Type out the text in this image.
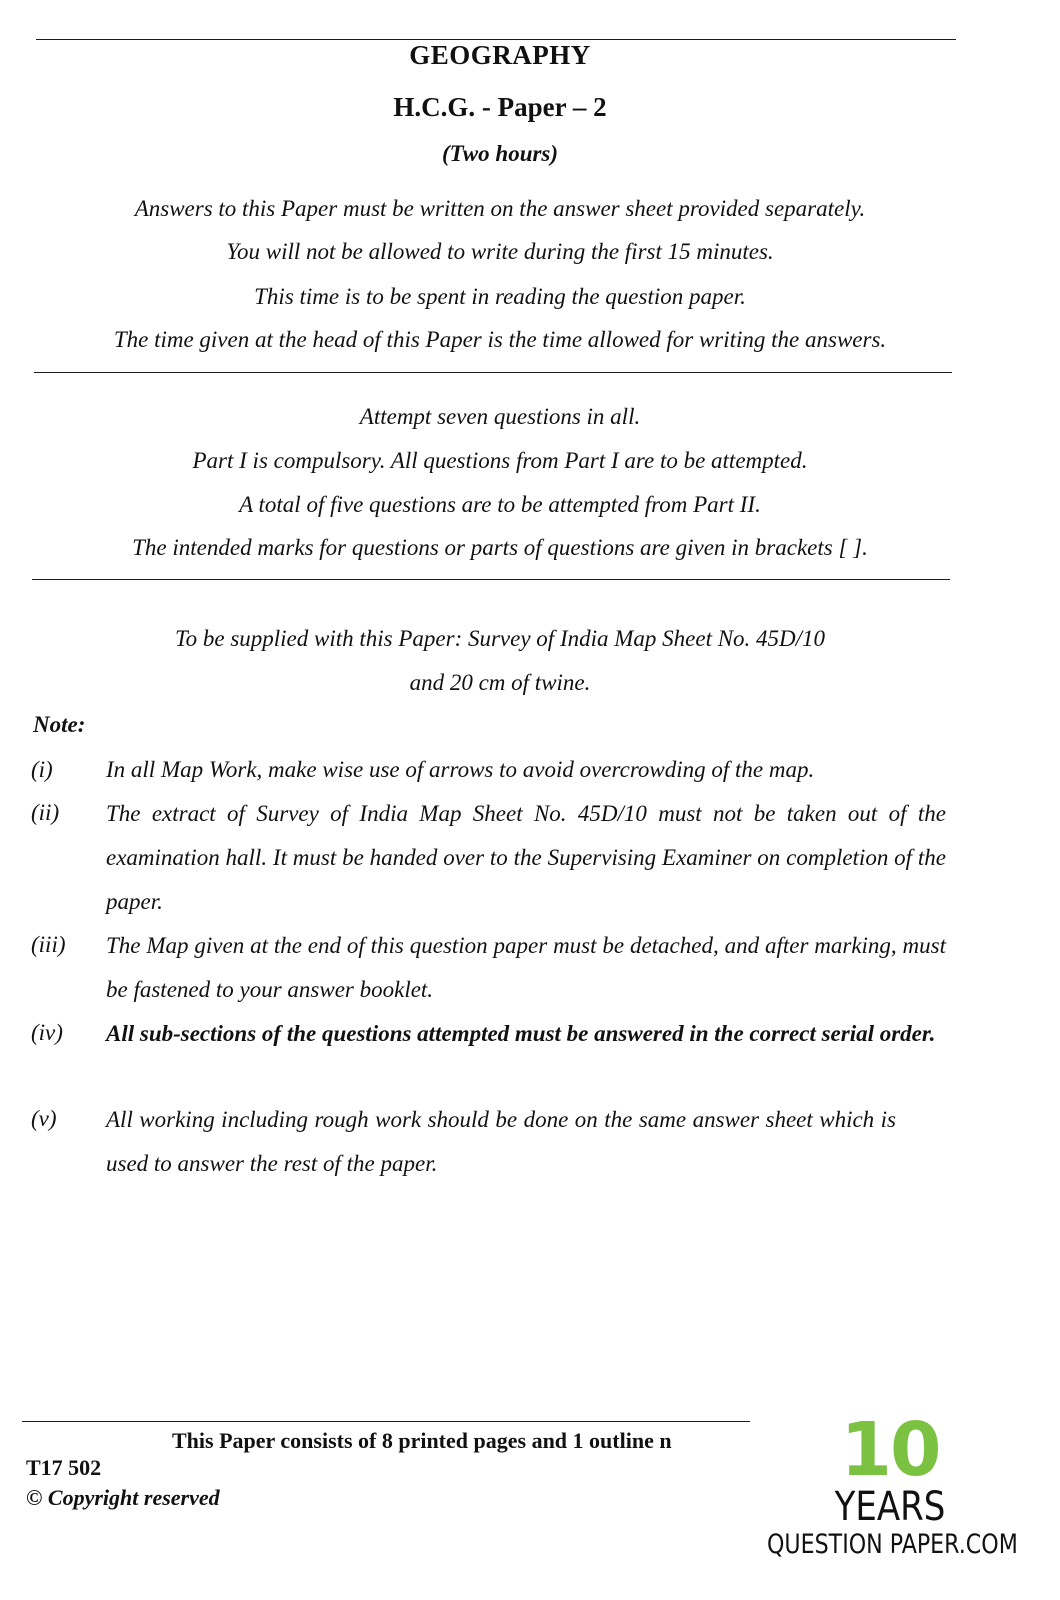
GEOGRAPHY
H.C.G. - Paper – 2
(Two hours)
Answers to this Paper must be written on the answer sheet provided separately.
You will not be allowed to write during the first 15 minutes.
This time is to be spent in reading the question paper.
The time given at the head of this Paper is the time allowed for writing the answers.
Attempt seven questions in all.
Part I is compulsory. All questions from Part I are to be attempted.
A total of five questions are to be attempted from Part II.
The intended marks for questions or parts of questions are given in brackets [ ].
To be supplied with this Paper: Survey of India Map Sheet No. 45D/10
and 20 cm of twine.
Note:
(i) In all Map Work, make wise use of arrows to avoid overcrowding of the map.
(ii) The extract of Survey of India Map Sheet No. 45D/10 must not be taken out of the examination hall. It must be handed over to the Supervising Examiner on completion of the paper.
(iii) The Map given at the end of this question paper must be detached, and after marking, must be fastened to your answer booklet.
(iv) All sub-sections of the questions attempted must be answered in the correct serial order.
(v) All working including rough work should be done on the same answer sheet which is used to answer the rest of the paper.
This Paper consists of 8 printed pages and 1 outline n
T17 502
© Copyright reserved
10
YEARS
QUESTION PAPER.COM
